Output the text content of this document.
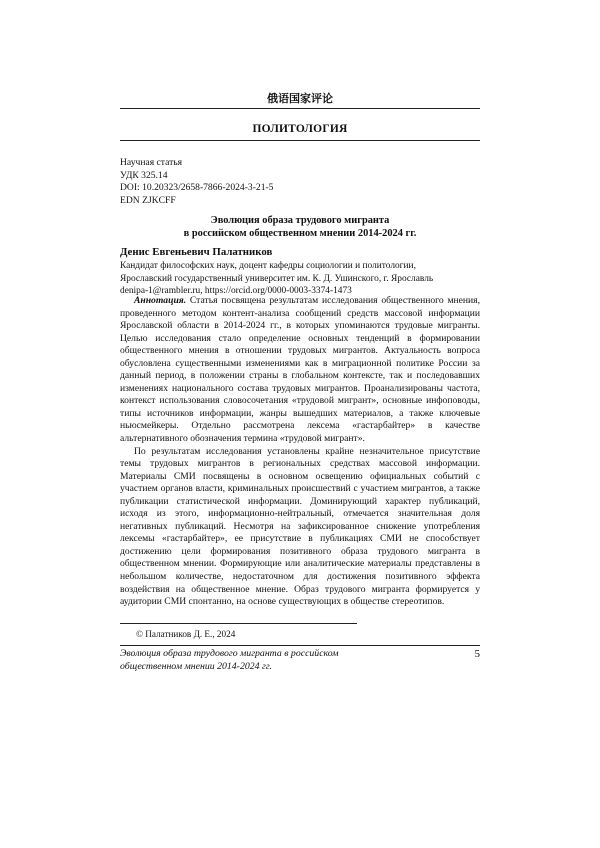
俄语国家评论
ПОЛИТОЛОГИЯ
Научная статья
УДК 325.14
DOI: 10.20323/2658-7866-2024-3-21-5
EDN ZJKCFF
Эволюция образа трудового мигранта
в российском общественном мнении 2014-2024 гг.
Денис Евгеньевич Палатников
Кандидат философских наук, доцент кафедры социологии и политологии,
Ярославский государственный университет им. К. Д. Ушинского, г. Ярославль
denipa-1@rambler.ru, https://orcid.org/0000-0003-3374-1473

Аннотация. Статья посвящена результатам исследования общественного мнения, проведенного методом контент-анализа сообщений средств массовой информации Ярославской области в 2014-2024 гг., в которых упоминаются трудовые мигранты. Целью исследования стало определение основных тенденций в формировании общественного мнения в отношении трудовых мигрантов. Актуальность вопроса обусловлена существенными изменениями как в миграционной политике России за данный период, в положении страны в глобальном контексте, так и последовавших изменениях национального состава трудовых мигрантов. Проанализированы частота, контекст использования словосочетания «трудовой мигрант», основные инфоповоды, типы источников информации, жанры вышедших материалов, а также ключевые ньюсмейкеры. Отдельно рассмотрена лексема «гастарбайтер» в качестве альтернативного обозначения термина «трудовой мигрант».

По результатам исследования установлены крайне незначительное присутствие темы трудовых мигрантов в региональных средствах массовой информации. Материалы СМИ посвящены в основном освещению официальных событий с участием органов власти, криминальных происшествий с участием мигрантов, а также публикации статистической информации. Доминирующий характер публикаций, исходя из этого, информационно-нейтральный, отмечается значительная доля негативных публикаций. Несмотря на зафиксированное снижение употребления лексемы «гастарбайтер», ее присутствие в публикациях СМИ не способствует достижению цели формирования позитивного образа трудового мигранта в общественном мнении. Формирующие или аналитические материалы представлены в небольшом количестве, недостаточном для достижения позитивного эффекта воздействия на общественное мнение. Образ трудового мигранта формируется у аудитории СМИ спонтанно, на основе существующих в обществе стереотипов.

© Палатников Д. Е., 2024
Эволюция образа трудового мигранта в российском
общественном мнении 2014-2024 гг.
5
